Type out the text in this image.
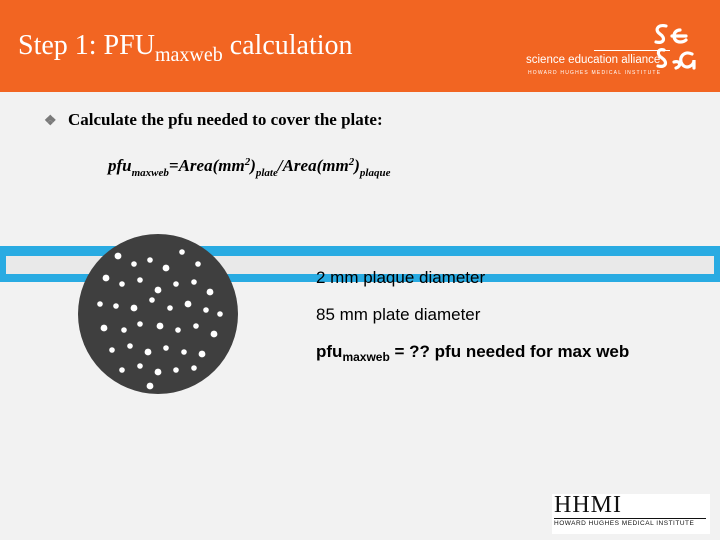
Step 1: $PFU_{maxweb}$ calculation	science education alliance
HOWARD HUGHES MEDICAL INSTITUTE
❖ Calculate the pfu needed to cover the plate:
$pfu_{maxweb}=Area(mm^2)_{plate}/Area(mm^2)_{plaque}$
2 mm plaque diameter
85 mm plate diameter
pfu$_{maxweb}$ = ?? pfu needed for max web
HHMI
HOWARD HUGHES MEDICAL INSTITUTE
